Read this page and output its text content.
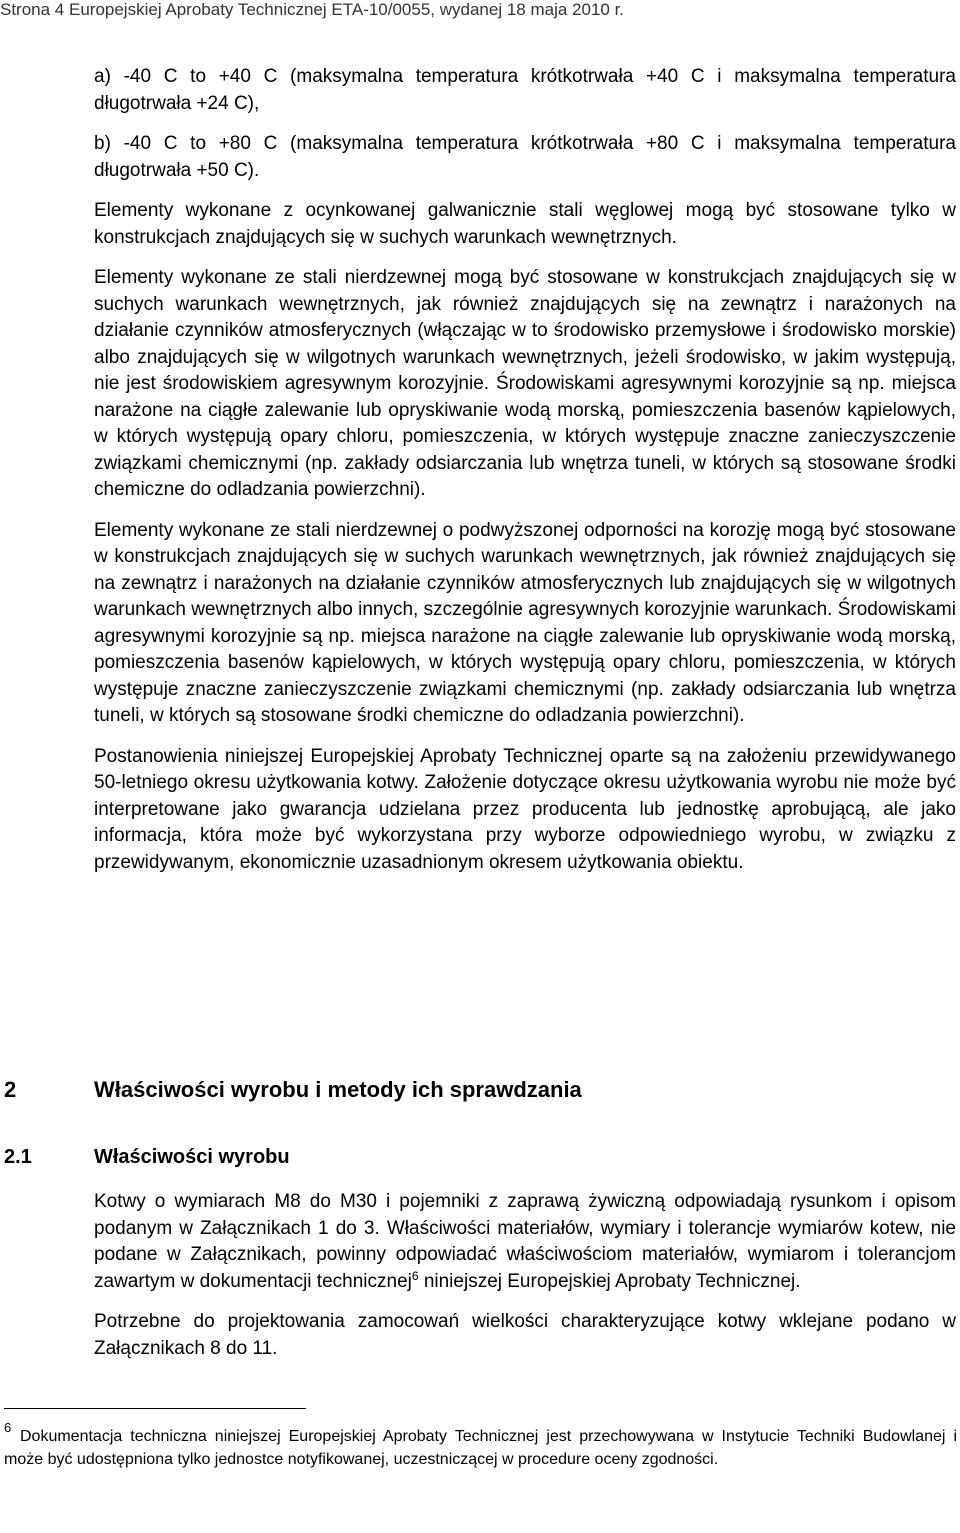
Strona 4 Europejskiej Aprobaty Technicznej ETA-10/0055, wydanej 18 maja 2010 r.

a) -40 C to +40 C (maksymalna temperatura krótkotrwała +40 C i maksymalna temperatura długotrwała +24 C),

b) -40 C to +80 C (maksymalna temperatura krótkotrwała +80 C i maksymalna temperatura długotrwała +50 C).

Elementy wykonane z ocynkowanej galwanicznie stali węglowej mogą być stosowane tylko w konstrukcjach znajdujących się w suchych warunkach wewnętrznych.

Elementy wykonane ze stali nierdzewnej mogą być stosowane w konstrukcjach znajdujących się w suchych warunkach wewnętrznych, jak również znajdujących się na zewnątrz i narażonych na działanie czynników atmosferycznych (włączając w to środowisko przemysłowe i środowisko morskie) albo znajdujących się w wilgotnych warunkach wewnętrznych, jeżeli środowisko, w jakim występują, nie jest środowiskiem agresywnym korozyjnie. Środowiskami agresywnymi korozyjnie są np. miejsca narażone na ciągłe zalewanie lub opryskiwanie wodą morską, pomieszczenia basenów kąpielowych, w których występują opary chloru, pomieszczenia, w których występuje znaczne zanieczyszczenie związkami chemicznymi (np. zakłady odsiarczania lub wnętrza tuneli, w których są stosowane środki chemiczne do odladzania powierzchni).

Elementy wykonane ze stali nierdzewnej o podwyższonej odporności na korozję mogą być stosowane w konstrukcjach znajdujących się w suchych warunkach wewnętrznych, jak również znajdujących się na zewnątrz i narażonych na działanie czynników atmosferycznych lub znajdujących się w wilgotnych warunkach wewnętrznych albo innych, szczególnie agresywnych korozyjnie warunkach. Środowiskami agresywnymi korozyjnie są np. miejsca narażone na ciągłe zalewanie lub opryskiwanie wodą morską, pomieszczenia basenów kąpielowych, w których występują opary chloru, pomieszczenia, w których występuje znaczne zanieczyszczenie związkami chemicznymi (np. zakłady odsiarczania lub wnętrza tuneli, w których są stosowane środki chemiczne do odladzania powierzchni).

Postanowienia niniejszej Europejskiej Aprobaty Technicznej oparte są na założeniu przewidywanego 50-letniego okresu użytkowania kotwy. Założenie dotyczące okresu użytkowania wyrobu nie może być interpretowane jako gwarancja udzielana przez producenta lub jednostkę aprobującą, ale jako informacja, która może być wykorzystana przy wyborze odpowiedniego wyrobu, w związku z przewidywanym, ekonomicznie uzasadnionym okresem użytkowania obiektu.

2	Właściwości wyrobu i metody ich sprawdzania
2.1	Właściwości wyrobu

Kotwy o wymiarach M8 do M30 i pojemniki z zaprawą żywiczną odpowiadają rysunkom i opisom podanym w Załącznikach 1 do 3. Właściwości materiałów, wymiary i tolerancje wymiarów kotew, nie podane w Załącznikach, powinny odpowiadać właściwościom materiałów, wymiarom i tolerancjom zawartym w dokumentacji technicznej$^6$ niniejszej Europejskiej Aprobaty Technicznej.

Potrzebne do projektowania zamocowań wielkości charakteryzujące kotwy wklejane podano w Załącznikach 8 do 11.

6Dokumentacja techniczna niniejszej Europejskiej Aprobaty Technicznej jest przechowywana w Instytucie Techniki Budowlanej i może być udostępniona tylko jednostce notyfikowanej, uczestniczącej w procedure oceny zgodności.
